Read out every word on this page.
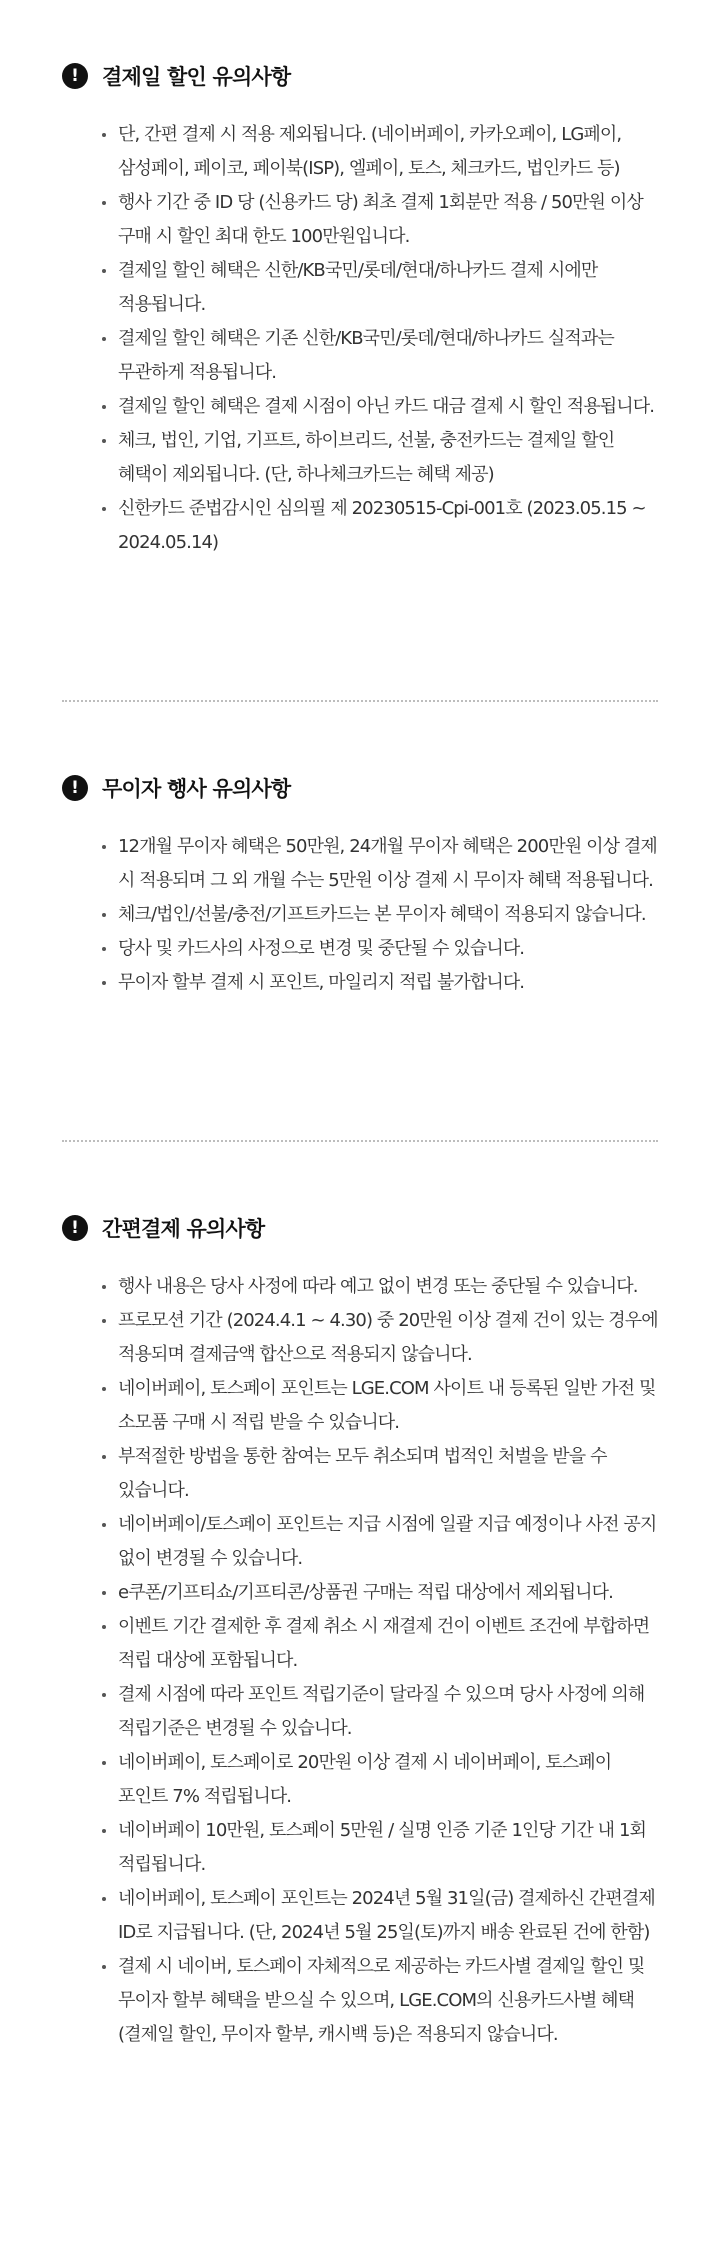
!	결제일 할인 유의사항
단, 간편 결제 시 적용 제외됩니다. (네이버페이, 카카오페이, LG페이, 삼성페이, 페이코, 페이북(ISP), 엘페이, 토스, 체크카드, 법인카드 등)
행사 기간 중 ID 당 (신용카드 당) 최초 결제 1회분만 적용 / 50만원 이상 구매 시 할인 최대 한도 100만원입니다.
결제일 할인 혜택은 신한/KB국민/롯데/현대/하나카드 결제 시에만 적용됩니다.
결제일 할인 혜택은 기존 신한/KB국민/롯데/현대/하나카드 실적과는 무관하게 적용됩니다.
결제일 할인 혜택은 결제 시점이 아닌 카드 대금 결제 시 할인 적용됩니다.
체크, 법인, 기업, 기프트, 하이브리드, 선불, 충전카드는 결제일 할인 혜택이 제외됩니다. (단, 하나체크카드는 혜택 제공)
신한카드 준법감시인 심의필 제 20230515-Cpi-001호 (2023.05.15 ~ 2024.05.14)
!	무이자 행사 유의사항
12개월 무이자 혜택은 50만원, 24개월 무이자 혜택은 200만원 이상 결제 시 적용되며 그 외 개월 수는 5만원 이상 결제 시 무이자 혜택 적용됩니다.
체크/법인/선불/충전/기프트카드는 본 무이자 혜택이 적용되지 않습니다.
당사 및 카드사의 사정으로 변경 및 중단될 수 있습니다.
무이자 할부 결제 시 포인트, 마일리지 적립 불가합니다.
!	간편결제 유의사항
행사 내용은 당사 사정에 따라 예고 없이 변경 또는 중단될 수 있습니다.
프로모션 기간 (2024.4.1 ~ 4.30) 중 20만원 이상 결제 건이 있는 경우에 적용되며 결제금액 합산으로 적용되지 않습니다.
네이버페이, 토스페이 포인트는 LGE.COM 사이트 내 등록된 일반 가전 및 소모품 구매 시 적립 받을 수 있습니다.
부적절한 방법을 통한 참여는 모두 취소되며 법적인 처벌을 받을 수 있습니다.
네이버페이/토스페이 포인트는 지급 시점에 일괄 지급 예정이나 사전 공지 없이 변경될 수 있습니다.
e쿠폰/기프티쇼/기프티콘/상품권 구매는 적립 대상에서 제외됩니다.
이벤트 기간 결제한 후 결제 취소 시 재결제 건이 이벤트 조건에 부합하면 적립 대상에 포함됩니다.
결제 시점에 따라 포인트 적립기준이 달라질 수 있으며 당사 사정에 의해 적립기준은 변경될 수 있습니다.
네이버페이, 토스페이로 20만원 이상 결제 시 네이버페이, 토스페이 포인트 7% 적립됩니다.
네이버페이 10만원, 토스페이 5만원 / 실명 인증 기준 1인당 기간 내 1회 적립됩니다.
네이버페이, 토스페이 포인트는 2024년 5월 31일(금) 결제하신 간편결제 ID로 지급됩니다. (단, 2024년 5월 25일(토)까지 배송 완료된 건에 한함)
결제 시 네이버, 토스페이 자체적으로 제공하는 카드사별 결제일 할인 및 무이자 할부 혜택을 받으실 수 있으며, LGE.COM의 신용카드사별 혜택(결제일 할인, 무이자 할부, 캐시백 등)은 적용되지 않습니다.
